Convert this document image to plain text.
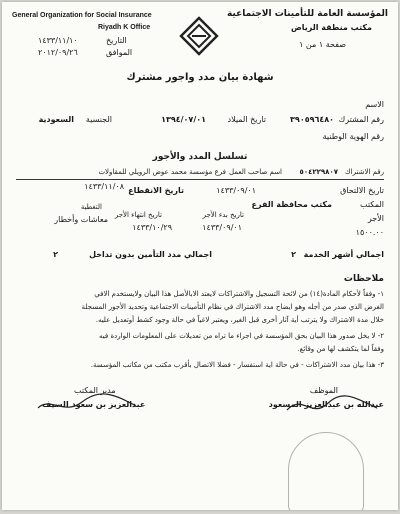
General Organization for Social Insurance
Riyadh K Office
المؤسسة العامة للتأمينات الاجتماعية
مكتب منطقة الرياض
١٤٣٣/١١/١٠	التاريخ
٢٠١٢/٠٩/٢٦	الموافق
صفحة ١ من ١
شهادة بيان مدد واجور مشترك
الاسم
رقم المشترك
٣٩٠٥٩٦٤٨٠
تاريخ الميلاد
١٣٩٤/٠٧/٠١
الجنسية
السعودية
رقم الهوية الوطنية
تسلسل المدد والأجور
رقم الاشتراك
٥٠٤٢٢٩٨٠٧
اسم صاحب العمل
فرع مؤسسة محمد عوض الرويلي للمقاولات
تاريخ الالتحاق
١٤٣٣/٠٩/٠١
تاريخ الانقطاع
١٤٣٣/١١/٠٨
المكتب
مكتب محافظة الفرع
الأجر
تاريخ بدء الأجر
تاريخ انتهاء الأجر
التغطية
١٥٠٠.٠٠
١٤٣٣/٠٩/٠١
١٤٣٣/١٠/٢٩
معاشات وأخطار
اجمالي أشهر الخدمة
٢
اجمالي مدد التأمين بدون تداخل
٢
ملاحظات
١- وفقاً لأحكام المادة(١٤) من لائحة التسجيل والاشتراكات لايعتد الابالأصل هذا البيان ولايستخدم الافي
الغرض الذي صدر من أجله وهو ايضاح مدد الاشتراك في نظام التأمينات الاجتماعية وتحديد الأجور المسجلة
خلال مدة الاشتراك ولا يترتب أية آثار أخرى قبل الغير، ويعتبر لاغياً في حالة وجود كشط أوتعديل عليه.
٢- لا يخل صدور هذا البيان بحق المؤسسة في اجراء ما تراه من تعديلات على المعلومات الواردة فيه
وفقاً لما يتكشف لها من وقائع.
٣- هذا بيان مدد الاشتراكات - في حالة اية استفسار - فضلا الاتصال بأقرب مكتب من مكاتب المؤسسة.
الموظف
مدير المكتب
عبدالله بن عبدالعزيز المسعود
عبدالعزيز بن سعود السيف
